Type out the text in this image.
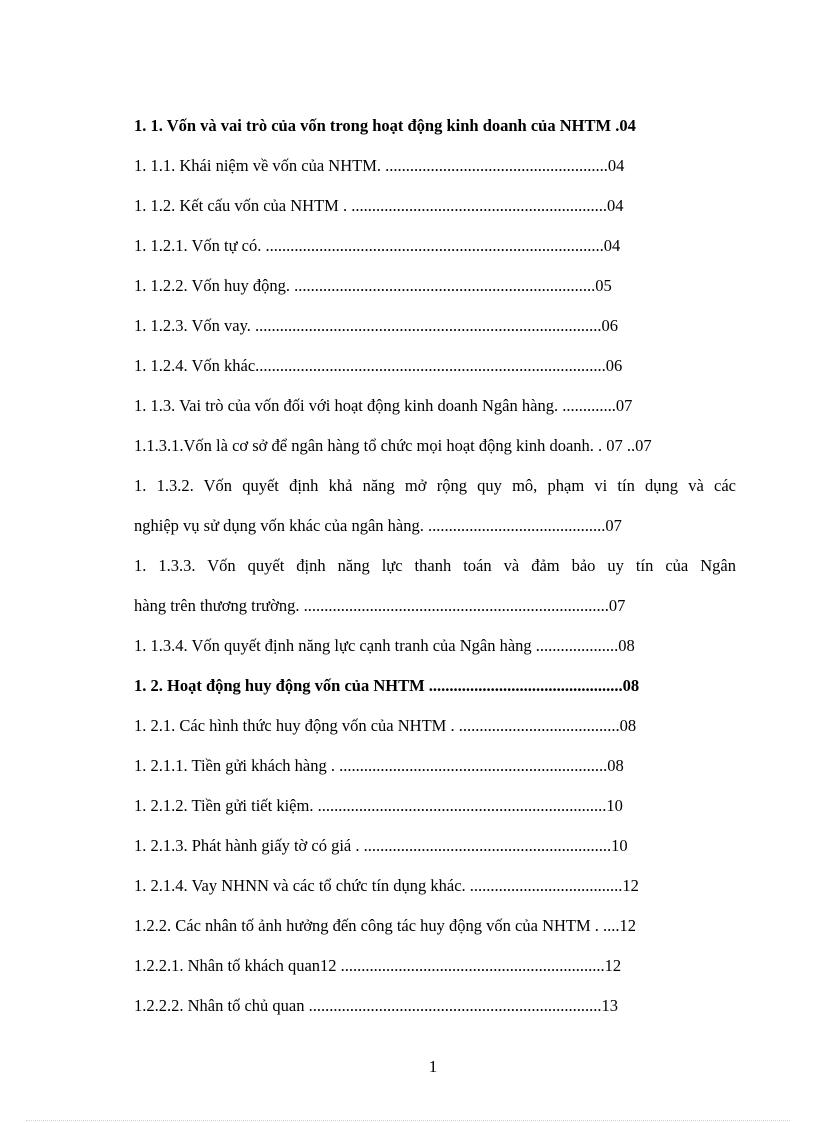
1. 1. Vốn và vai trò của vốn trong hoạt động kinh doanh của NHTM .04
1. 1.1. Khái niệm về vốn của NHTM. ......................................................04
1. 1.2. Kết cấu vốn của NHTM . ..............................................................04
1. 1.2.1. Vốn tự có. ..................................................................................04
1. 1.2.2. Vốn huy động. .........................................................................05
1. 1.2.3. Vốn vay. ....................................................................................06
1. 1.2.4. Vốn khác.....................................................................................06
1. 1.3. Vai trò của vốn đối với hoạt động kinh doanh Ngân hàng. .............07
1.1.3.1.Vốn là cơ sở để ngân hàng tổ chức mọi hoạt động kinh doanh. . 07 ..07
1. 1.3.2. Vốn quyết định khả năng mở rộng quy mô, phạm vi tín dụng và các
nghiệp vụ sử dụng vốn khác của ngân hàng. ...........................................07
1. 1.3.3. Vốn quyết định năng lực thanh toán và đảm bảo uy tín của Ngân
hàng trên thương trường. ..........................................................................07
1. 1.3.4. Vốn quyết định năng lực cạnh tranh của Ngân hàng ....................08
1. 2. Hoạt động huy động vốn của NHTM ...............................................08
1. 2.1. Các hình thức huy động vốn của NHTM . .......................................08
1. 2.1.1. Tiền gửi khách hàng . .................................................................08
1. 2.1.2. Tiền gửi tiết kiệm. ......................................................................10
1. 2.1.3. Phát hành giấy tờ có giá . ............................................................10
1. 2.1.4. Vay NHNN và các tổ chức tín dụng khác. .....................................12
1.2.2. Các nhân tố ảnh hưởng đến công tác huy động vốn của NHTM . ....12
1.2.2.1. Nhân tố khách quan12 ................................................................12
1.2.2.2. Nhân tố chủ quan .......................................................................13
1
